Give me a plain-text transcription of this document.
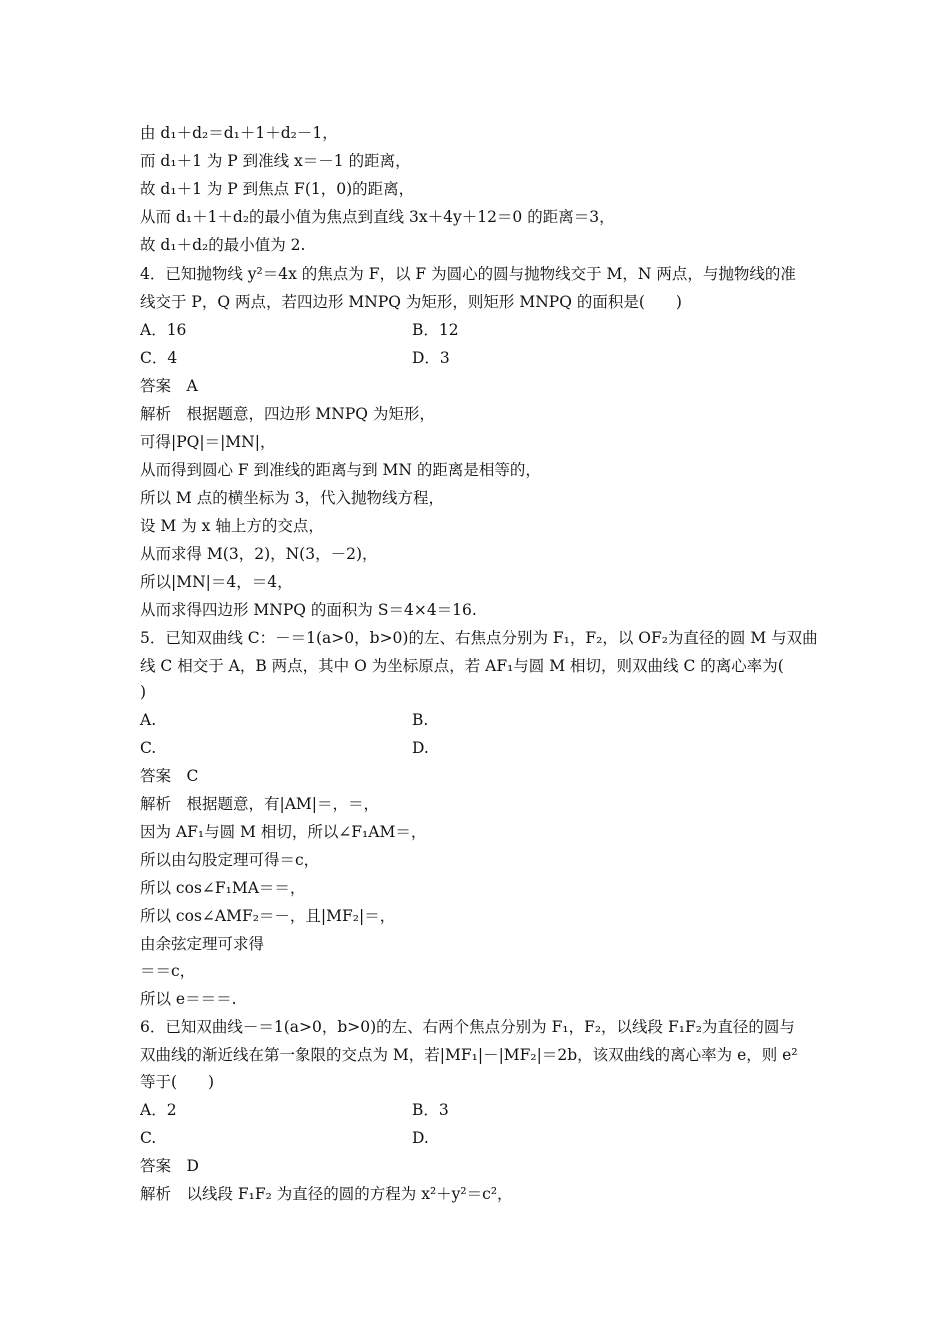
由 d₁＋d₂＝d₁＋1＋d₂－1，
而 d₁＋1 为 P 到准线 x＝－1 的距离，
故 d₁＋1 为 P 到焦点 F(1，0)的距离，
从而 d₁＋1＋d₂的最小值为焦点到直线 3x＋4y＋12＝0 的距离＝3，
故 d₁＋d₂的最小值为 2.
4．已知抛物线 y²＝4x 的焦点为 F，以 F 为圆心的圆与抛物线交于 M，N 两点，与抛物线的准
线交于 P，Q 两点，若四边形 MNPQ 为矩形，则矩形 MNPQ 的面积是(　　)
A．16	B．12
C．4	D．3
答案　A
解析　根据题意，四边形 MNPQ 为矩形，
可得|PQ|＝|MN|，
从而得到圆心 F 到准线的距离与到 MN 的距离是相等的，
所以 M 点的横坐标为 3，代入抛物线方程，
设 M 为 x 轴上方的交点，
从而求得 M(3，2)，N(3，－2)，
所以|MN|＝4，＝4，
从而求得四边形 MNPQ 的面积为 S＝4×4＝16.
5．已知双曲线 C：－＝1(a>0，b>0)的左、右焦点分别为 F₁，F₂，以 OF₂为直径的圆 M 与双曲
线 C 相交于 A，B 两点，其中 O 为坐标原点，若 AF₁与圆 M 相切，则双曲线 C 的离心率为(
)
A.	B.
C.	D.
答案　C
解析　根据题意，有|AM|＝，＝，
因为 AF₁与圆 M 相切，所以∠F₁AM＝，
所以由勾股定理可得＝c，
所以 cos∠F₁MA＝＝，
所以 cos∠AMF₂＝－，且|MF₂|＝，
由余弦定理可求得
＝＝c，
所以 e＝＝＝.
6．已知双曲线－＝1(a>0，b>0)的左、右两个焦点分别为 F₁，F₂，以线段 F₁F₂为直径的圆与
双曲线的渐近线在第一象限的交点为 M，若|MF₁|－|MF₂|＝2b，该双曲线的离心率为 e，则 e²
等于(　　)
A．2	B．3
C.	D.
答案　D
解析　以线段 F₁F₂ 为直径的圆的方程为 x²＋y²＝c²，
